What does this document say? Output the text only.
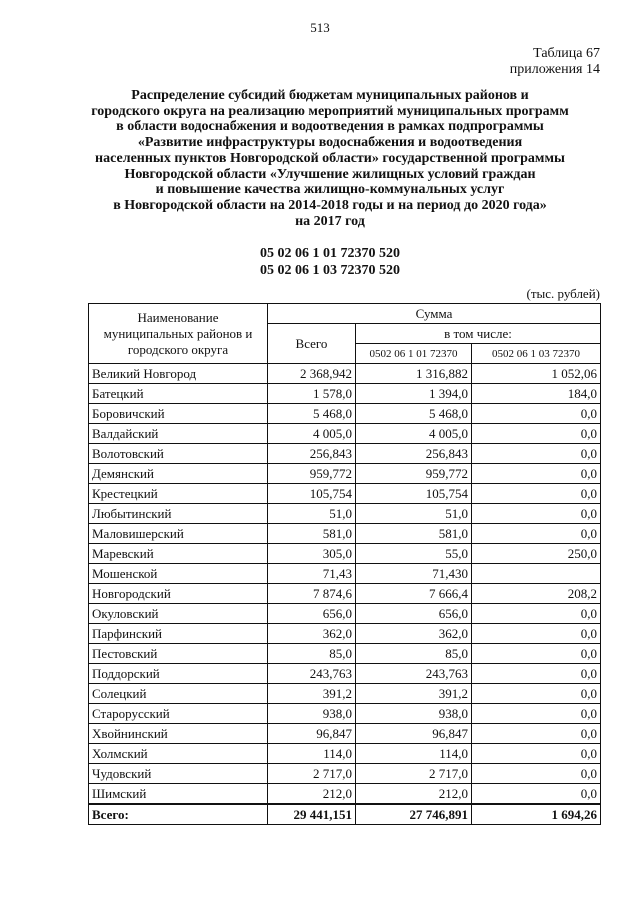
513
Таблица 67
приложения 14
Распределение субсидий бюджетам муниципальных районов и
городского округа на реализацию мероприятий муниципальных программ
в области водоснабжения и водоотведения в рамках подпрограммы
«Развитие инфраструктуры водоснабжения и водоотведения
населенных пунктов Новгородской области» государственной программы
Новгородской области «Улучшение жилищных условий граждан
и повышение качества жилищно-коммунальных услуг
в Новгородской области на 2014-2018 годы и на период до 2020 года»
на 2017 год
05 02 06 1 01 72370 520
05 02 06 1 03 72370 520
(тыс. рублей)
Наименование муниципальных районов и городского округа	Сумма		
	Всего	в том числе:	
		0502 06 1 01 72370	0502 06 1 03 72370
Великий Новгород	2 368,942	1 316,882	1 052,06
Батецкий	1 578,0	1 394,0	184,0
Боровичский	5 468,0	5 468,0	0,0
Валдайский	4 005,0	4 005,0	0,0
Волотовский	256,843	256,843	0,0
Демянский	959,772	959,772	0,0
Крестецкий	105,754	105,754	0,0
Любытинский	51,0	51,0	0,0
Маловишерский	581,0	581,0	0,0
Маревский	305,0	55,0	250,0
Мошенской	71,43	71,430	
Новгородский	7 874,6	7 666,4	208,2
Окуловский	656,0	656,0	0,0
Парфинский	362,0	362,0	0,0
Пестовский	85,0	85,0	0,0
Поддорский	243,763	243,763	0,0
Солецкий	391,2	391,2	0,0
Старорусский	938,0	938,0	0,0
Хвойнинский	96,847	96,847	0,0
Холмский	114,0	114,0	0,0
Чудовский	2 717,0	2 717,0	0,0
Шимский	212,0	212,0	0,0
Всего:	29 441,151	27 746,891	1 694,26
